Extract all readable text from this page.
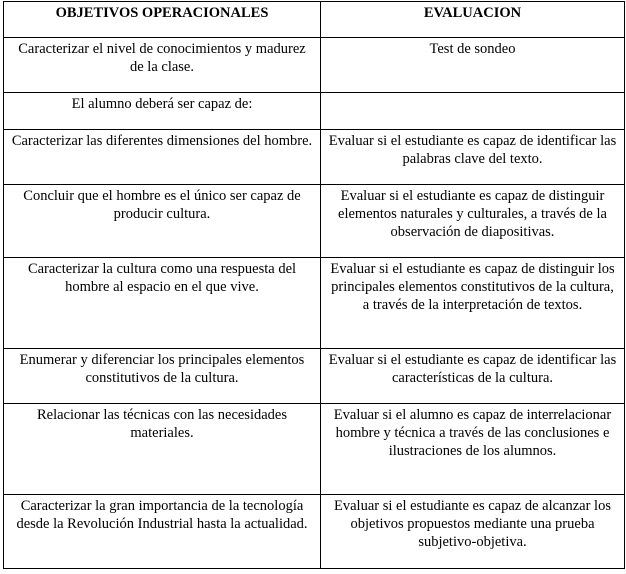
OBJETIVOS OPERACIONALES	EVALUACION
Caracterizar el nivel de conocimientos y madurez de la clase.	Test de sondeo
El alumno deberá ser capaz de:	
Caracterizar las diferentes dimensiones del hombre.	Evaluar si el estudiante es capaz de identificar las palabras clave del texto.
Concluir que el hombre es el único ser capaz de producir cultura.	Evaluar si el estudiante es capaz de distinguir elementos naturales y culturales, a través de la observación de diapositivas.
Caracterizar la cultura como una respuesta del hombre al espacio en el que vive.	Evaluar si el estudiante es capaz de distinguir los principales elementos constitutivos de la cultura, a través de la interpretación de textos.
Enumerar y diferenciar los principales elementos constitutivos de la cultura.	Evaluar si el estudiante es capaz de identificar las características de la cultura.
Relacionar las técnicas con las necesidades materiales.	Evaluar si el alumno es capaz de interrelacionar hombre y técnica a través de las conclusiones e ilustraciones de los alumnos.
Caracterizar la gran importancia de la tecnología desde la Revolución Industrial hasta la actualidad.	Evaluar si el estudiante es capaz de alcanzar los objetivos propuestos mediante una prueba subjetivo-objetiva.
